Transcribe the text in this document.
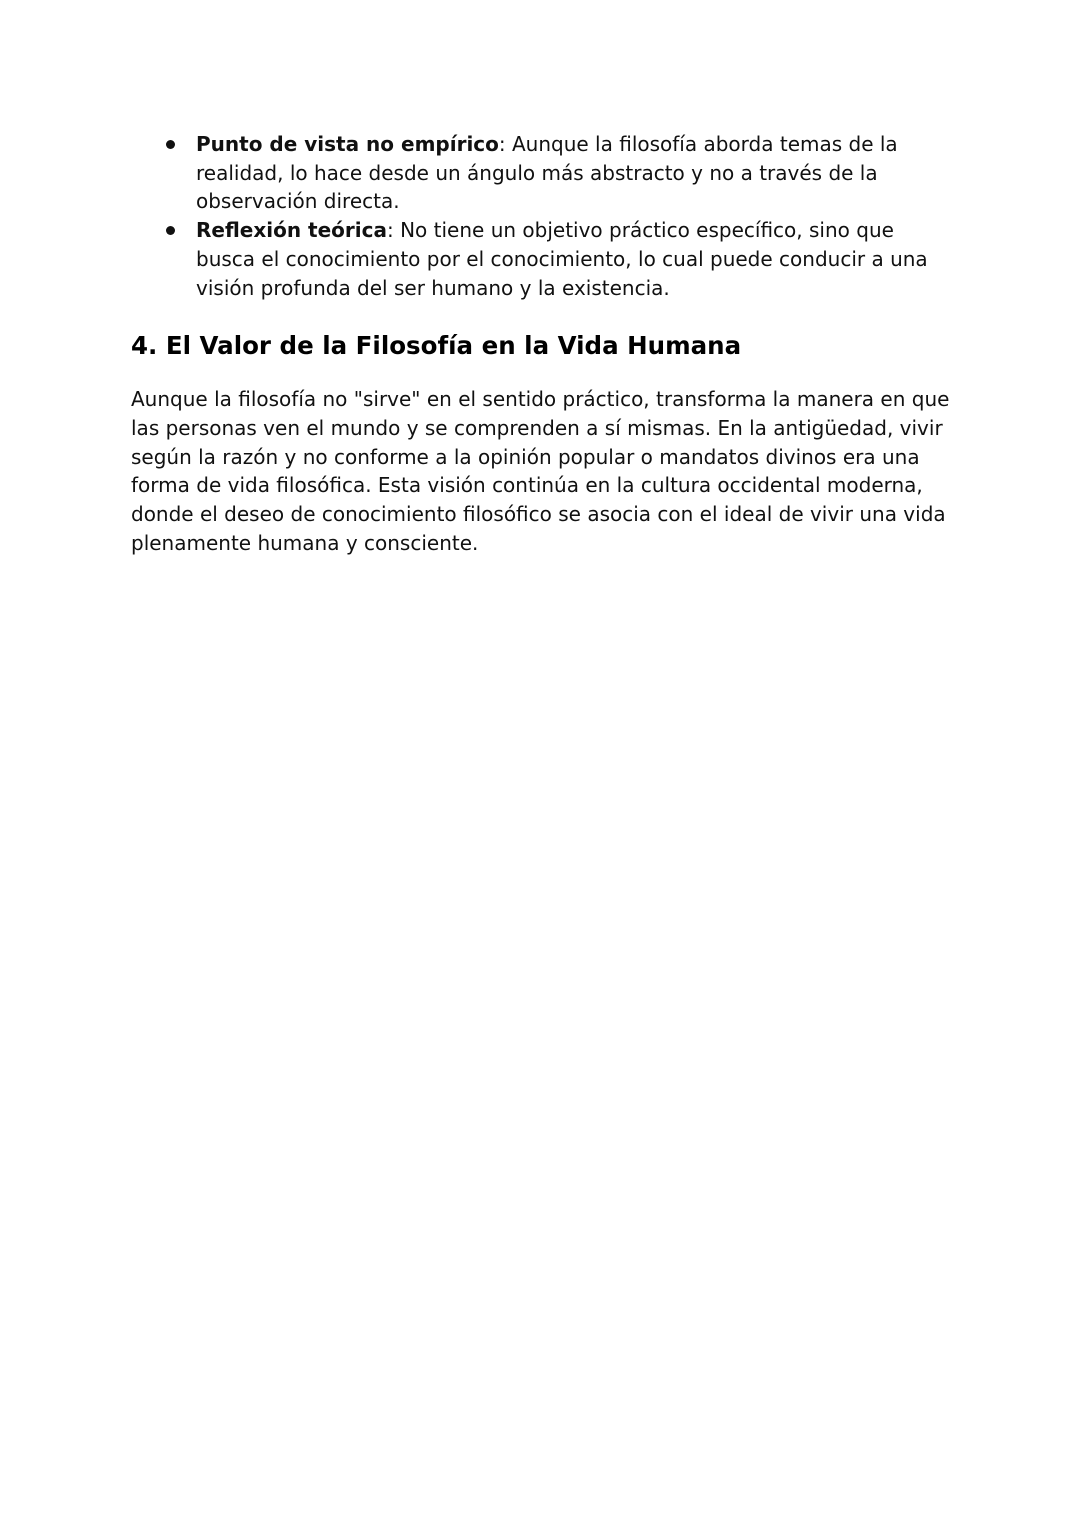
Punto de vista no empírico: Aunque la filosofía aborda temas de la realidad, lo hace desde un ángulo más abstracto y no a través de la observación directa.
Reflexión teórica: No tiene un objetivo práctico específico, sino que busca el conocimiento por el conocimiento, lo cual puede conducir a una visión profunda del ser humano y la existencia.
4. El Valor de la Filosofía en la Vida Humana

Aunque la filosofía no "sirve" en el sentido práctico, transforma la manera en que las personas ven el mundo y se comprenden a sí mismas. En la antigüedad, vivir según la razón y no conforme a la opinión popular o mandatos divinos era una forma de vida filosófica. Esta visión continúa en la cultura occidental moderna, donde el deseo de conocimiento filosófico se asocia con el ideal de vivir una vida plenamente humana y consciente.
